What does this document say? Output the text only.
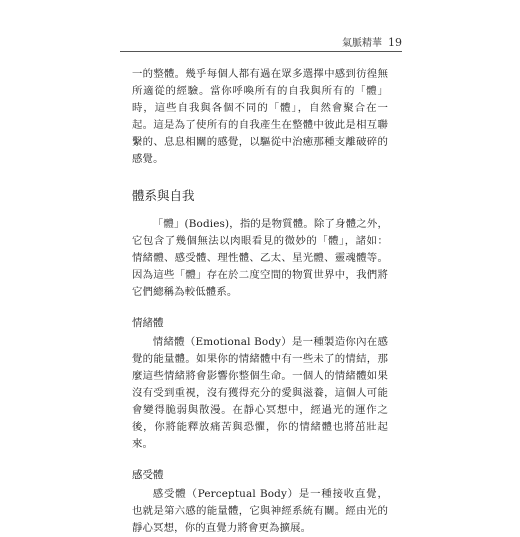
氣脈精華 19

一的整體。幾乎每個人都有過在眾多選擇中感到彷徨無所適從的經驗。當你呼喚所有的自我與所有的「體」時，這些自我與各個不同的「體」，自然會聚合在一起。這是為了使所有的自我產生在整體中彼此是相互聯繫的、息息相關的感覺，以驅從中治癒那種支離破碎的感覺。

體系與自我

「體」(Bodies)，指的是物質體。除了身體之外，它包含了幾個無法以肉眼看見的微妙的「體」，諸如：情緒體、感受體、理性體、乙太、星光體、靈魂體等。因為這些「體」存在於二度空間的物質世界中，我們將它們總稱為較低體系。

情緒體

情緒體（Emotional Body）是一種製造你內在感覺的能量體。如果你的情緒體中有一些未了的情結，那麼這些情緒將會影響你整個生命。一個人的情緒體如果沒有受到重視，沒有獲得充分的愛與滋養，這個人可能會變得脆弱與散漫。在靜心冥想中，經過光的運作之後，你將能釋放痛苦與恐懼，你的情緒體也將茁壯起來。

感受體

感受體（Perceptual Body）是一種接收直覺，也就是第六感的能量體，它與神經系統有關。經由光的靜心冥想，你的直覺力將會更為擴展。
